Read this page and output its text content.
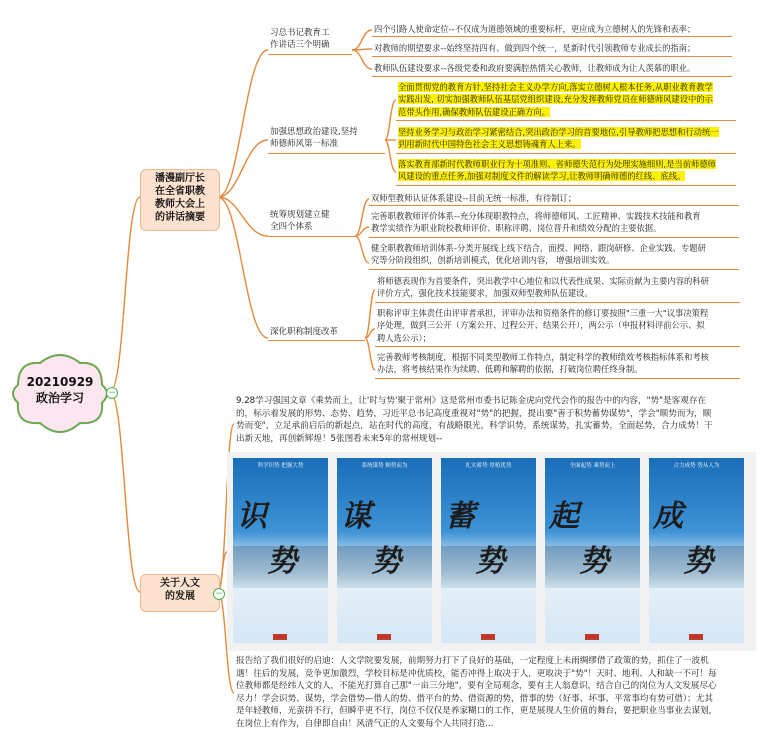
20210929
政治学习	−
潘漫副厅长
在全省职教
教师大会上
的讲话摘要
习总书记教育工
作讲话三个明确
四个引路人使命定位--不仅成为道德领域的重要标杆，更应成为立德树人的先锋和表率；
对教师的期望要求--始终坚持四有、做到四个统一，是新时代引领教师专业成长的指南；
教师队伍建设要求--各级党委和政府要满腔热情关心教师，让教师成为让人羡慕的职业。
加强思想政治建设,坚持
师德师风第一标准
全面贯彻党的教育方针,坚持社会主义办学方向,落实立德树人根本任务,从职业教育教学
实践出发, 切实加强教师队伍基层党组织建设,充分发挥教师党员在师德师风建设中的示
范带头作用,确保教师队伍建设正确方向。
坚持业务学习与政治学习紧密结合,突出政治学习的首要地位,引导教师把思想和行动统一
到用新时代中国特色社会主义思想铸魂育人上来。
落实教育部新时代教师职业行为十项准则、省师德失范行为处理实施细则,是当前师德师
风建设的重点任务,加强对制度文件的解读学习,让教师明确师德的红线、底线。
统筹规划建立健
全四个体系
双师型教师认证体系建设--目前无统一标准，有待制订；
完善职教教师评价体系--充分体现职教特点，将师德师风、工匠精神、实践技术技能和教育
教学实绩作为职业院校教师评价、职称评聘、岗位晋升和绩效分配的主要依据。
健全职教教师培训体系-分类开展线上线下结合，面授、网络、跟岗研修、企业实践、专题研
究等分阶段组织，创新培训模式，优化培训内容， 增强培训实效。
深化职称制度改革
将师德表现作为首要条件，突出教学中心地位和以代表性成果、实际贡献为主要内容的科研
评价方式，强化技术技能要求，加强双师型教师队伍建设。
职称评审主体责任由评审者承担，评审办法和资格条件的修订要按照"三重一大"议事决策程
序处理，做到三公开（方案公开、过程公开、结果公开），两公示（申报材料评前公示、拟
聘人选公示）；
完善教师考核制度，根据不同类型教师工作特点，制定科学的教师绩效考核指标体系和考核
办法，将考核结果作为续聘、低聘和解聘的依据，打破岗位聘任终身制。
关于人文
的发展	−
9.28学习强国文章《乘势而上，让'时与势'聚于常州》这是常州市委书记陈金虎向党代会作的报告中的内容，"势"是客观存在
的，标示着发展的形势、态势、趋势，习近平总书记高度重视对"势"的把握，提出要"善于积势蓄势谋势"，学会"顺势而为，顺
势而变"，立足承前启后的新起点，站在时代的高度，有战略眼光，科学识势，系统谋势，扎实蓄势，全面起势，合力成势！干
出新天地，再创新辉煌！5张图看未来5年的常州规划--
科学识势 把握大势
识
势
系统谋势 顺势而为
谋
势
扎实蓄势 厚植优势
蓄
势
全面起势 乘势而上
起
势
合力成势 势从人为
成
势
报告给了我们很好的启迪：人文学院要发展，前期努力打下了良好的基础，一定程度上未雨绸缪借了政策的势，抓住了一波机
遇！往后的发展，竞争更加激烈，学校目标是冲优质校，能否冲得上取决于人，更取决于"势"！天时、地利、人和缺一不可！每
位教师都是经纬人文的人，不能光打算自己那"一亩三分地"，要有全局观念，要有主人翁意识，结合自己的岗位为人文发展尽心
尽力！学会识势、谋势，学会借势—借人的势、借平台的势、借资源的势，借事的势（好事、坏事、平常事均有势可借）；尤其
是年轻教师，光蛮拼不行，但瞬乎更不行，岗位不仅仅是养家糊口的工作，更是展现人生价值的舞台，要把职业当事业去谋划，
在岗位上有作为，自律即自由！风清气正的人文要每个人共同打造...
